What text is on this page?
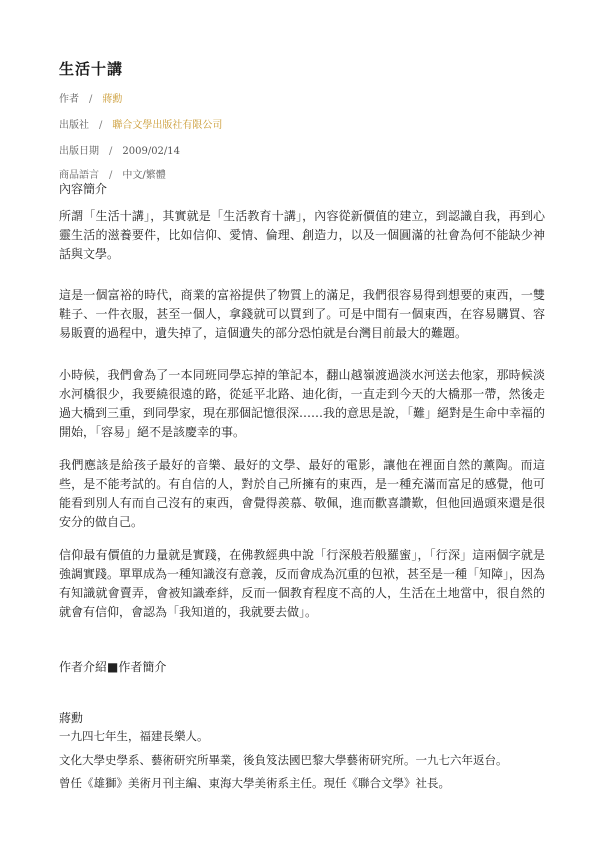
生活十講
作者 / 蔣勳
出版社 / 聯合文學出版社有限公司
出版日期 / 2009/02/14
商品語言 / 中文/繁體
內容簡介

所謂「生活十講」，其實就是「生活教育十講」，內容從新價值的建立，到認識自我，再到心靈生活的滋養要件，比如信仰、愛情、倫理、創造力，以及一個圓滿的社會為何不能缺少神話與文學。

這是一個富裕的時代，商業的富裕提供了物質上的滿足，我們很容易得到想要的東西，一雙鞋子、一件衣服，甚至一個人，拿錢就可以買到了。可是中間有一個東西，在容易購買、容易販賣的過程中，遺失掉了，這個遺失的部分恐怕就是台灣目前最大的難題。

小時候，我們會為了一本同班同學忘掉的筆記本，翻山越嶺渡過淡水河送去他家，那時候淡水河橋很少，我要繞很遠的路，從延平北路、迪化街，一直走到今天的大橋那一帶，然後走過大橋到三重，到同學家，現在那個記憶很深……我的意思是說，「難」絕對是生命中幸福的開始，「容易」絕不是該慶幸的事。

我們應該是給孩子最好的音樂、最好的文學、最好的電影，讓他在裡面自然的薰陶。而這些，是不能考試的。有自信的人，對於自己所擁有的東西，是一種充滿而富足的感覺，他可能看到別人有而自己沒有的東西，會覺得羨慕、敬佩，進而歡喜讚歎，但他回過頭來還是很安分的做自己。

信仰最有價值的力量就是實踐，在佛教經典中說「行深般若般羅蜜」，「行深」這兩個字就是強調實踐。單單成為一種知識沒有意義，反而會成為沉重的包袱，甚至是一種「知障」，因為有知識就會賣弄，會被知識牽絆，反而一個教育程度不高的人，生活在土地當中，很自然的就會有信仰，會認為「我知道的，我就要去做」。

作者介紹■作者簡介
蔣勳
一九四七年生，福建長樂人。
文化大學史學系、藝術研究所畢業，後負笈法國巴黎大學藝術研究所。一九七六年返台。
曾任《雄獅》美術月刊主編、東海大學美術系主任。現任《聯合文學》社長。
